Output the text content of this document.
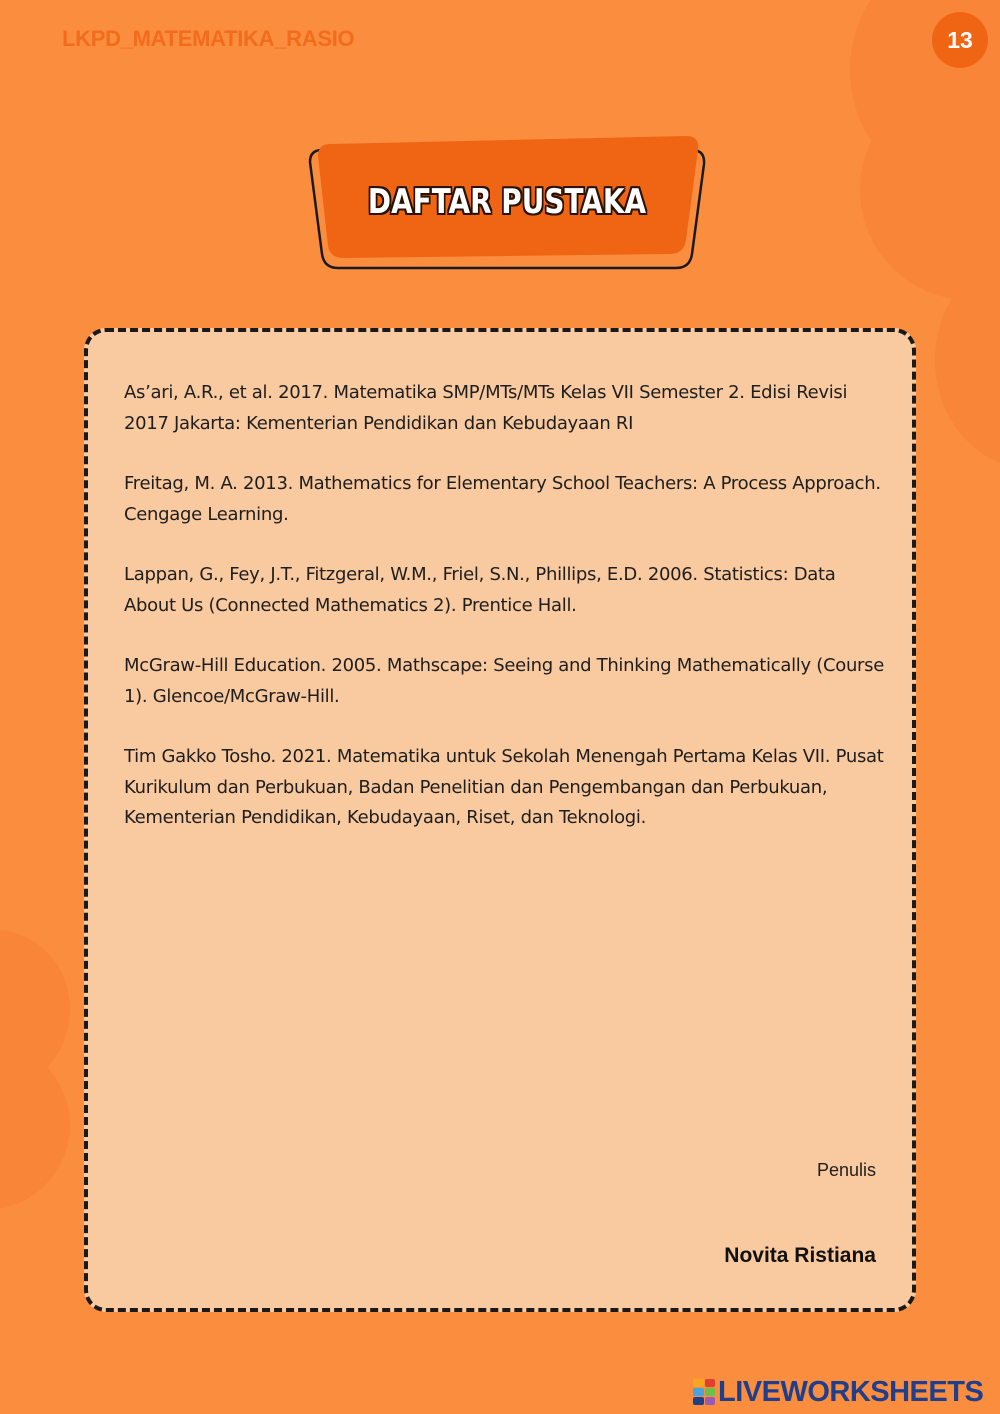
LKPD_MATEMATIKA_RASIO	13
DAFTAR PUSTAKA

As’ari, A.R., et al. 2017. Matematika SMP/MTs/MTs Kelas VII Semester 2. Edisi Revisi 2017 Jakarta: Kementerian Pendidikan dan Kebudayaan RI

Freitag, M. A. 2013. Mathematics for Elementary School Teachers: A Process Approach. Cengage Learning.

Lappan, G., Fey, J.T., Fitzgeral, W.M., Friel, S.N., Phillips, E.D. 2006. Statistics: Data About Us (Connected Mathematics 2). Prentice Hall.

McGraw-Hill Education. 2005. Mathscape: Seeing and Thinking Mathematically (Course 1). Glencoe/McGraw-Hill.

Tim Gakko Tosho. 2021. Matematika untuk Sekolah Menengah Pertama Kelas VII. Pusat Kurikulum dan Perbukuan, Badan Penelitian dan Pengembangan dan Perbukuan, Kementerian Pendidikan, Kebudayaan, Riset, dan Teknologi.

Penulis
Novita Ristiana
LIVEWORKSHEETS
